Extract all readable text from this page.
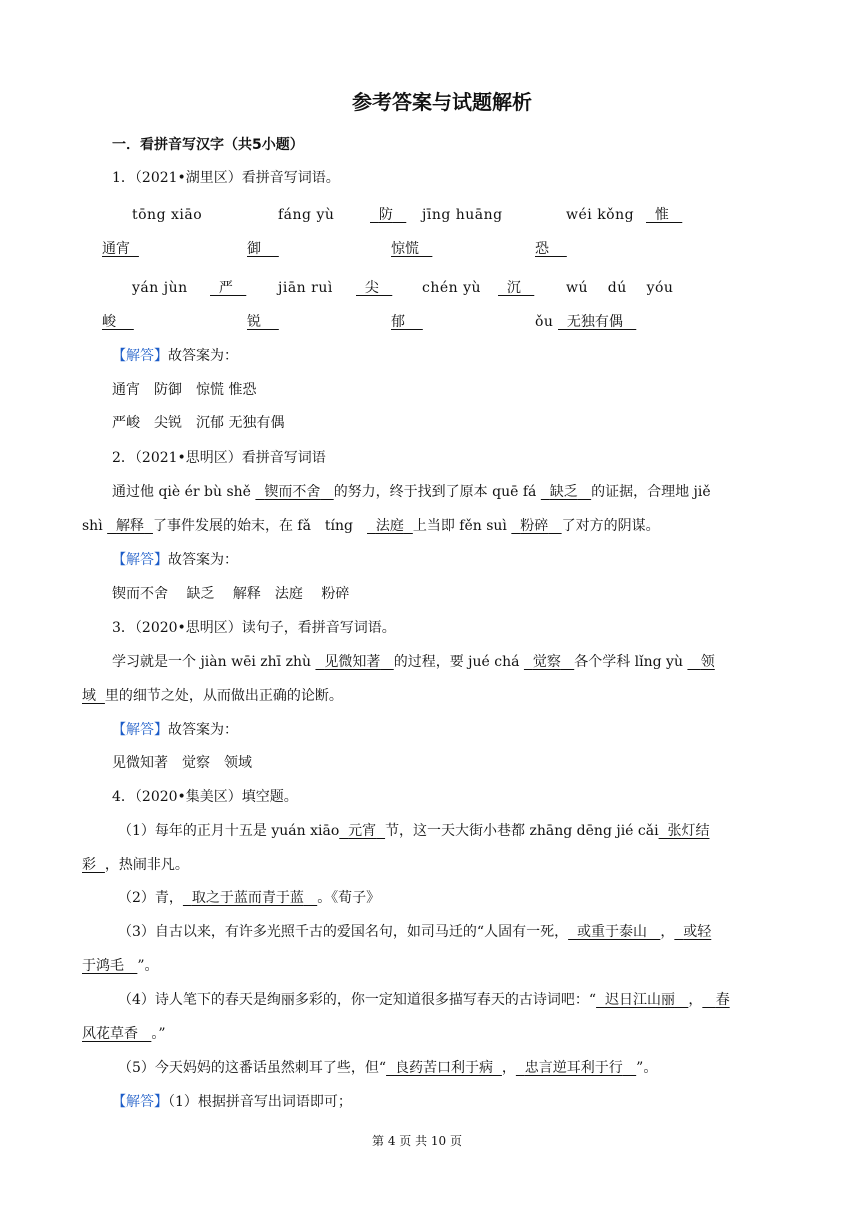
参考答案与试题解析
一．看拼音写汉字（共5小题）
1．（2021•湖里区）看拼音写词语。
tōng xiāo	fáng yù	jīng huāng	wéi kǒng
防	惟
通宵	御	惊慌	恐
yán jùn	jiān ruì	chén yù	wú    dú    yóu
严	尖	沉
峻	锐	郁	ǒu 无独有偶
【解答】故答案为：
通宵　防御　惊慌 惟恐
严峻　尖锐　沉郁 无独有偶
2．（2021•思明区）看拼音写词语
通过他 qiè ér bù shě   锲而不舍 的努力，终于找到了原本 quē fá   缺乏 的证据，合理地 jiě
shì   解释 了事件发展的始末，在 fǎ　tíng　  法庭 上当即 fěn suì   粉碎 了对方的阴谋。
【解答】故答案为：
锲而不舍　 缺乏　 解释　法庭　 粉碎
3．（2020•思明区）读句子，看拼音写词语。
学习就是一个 jiàn wēi zhī zhù   见微知著 的过程，要 jué chá   觉察 各个学科 lǐng yù    领
域 里的细节之处，从而做出正确的论断。
【解答】故答案为：
见微知著　觉察　领域
4．（2020•集美区）填空题。
（1）每年的正月十五是 yuán xiāo 元宵 节，这一天大街小巷都 zhāng dēng jié cǎi 张灯结
彩 ，热闹非凡。
（2）青， 取之于蓝而青于蓝 。《荀子》
（3）自古以来，有许多光照千古的爱国名句，如司马迁的“人固有一死， 或重于泰山 ， 或轻
于鸿毛 ”。
（4）诗人笔下的春天是绚丽多彩的，你一定知道很多描写春天的古诗词吧：“ 迟日江山丽 ， 春
风花草香 。”
（5）今天妈妈的这番话虽然刺耳了些，但“ 良药苦口利于病 ， 忠言逆耳利于行 ”。
【解答】（1）根据拼音写出词语即可；
第 4 页 共 10 页
